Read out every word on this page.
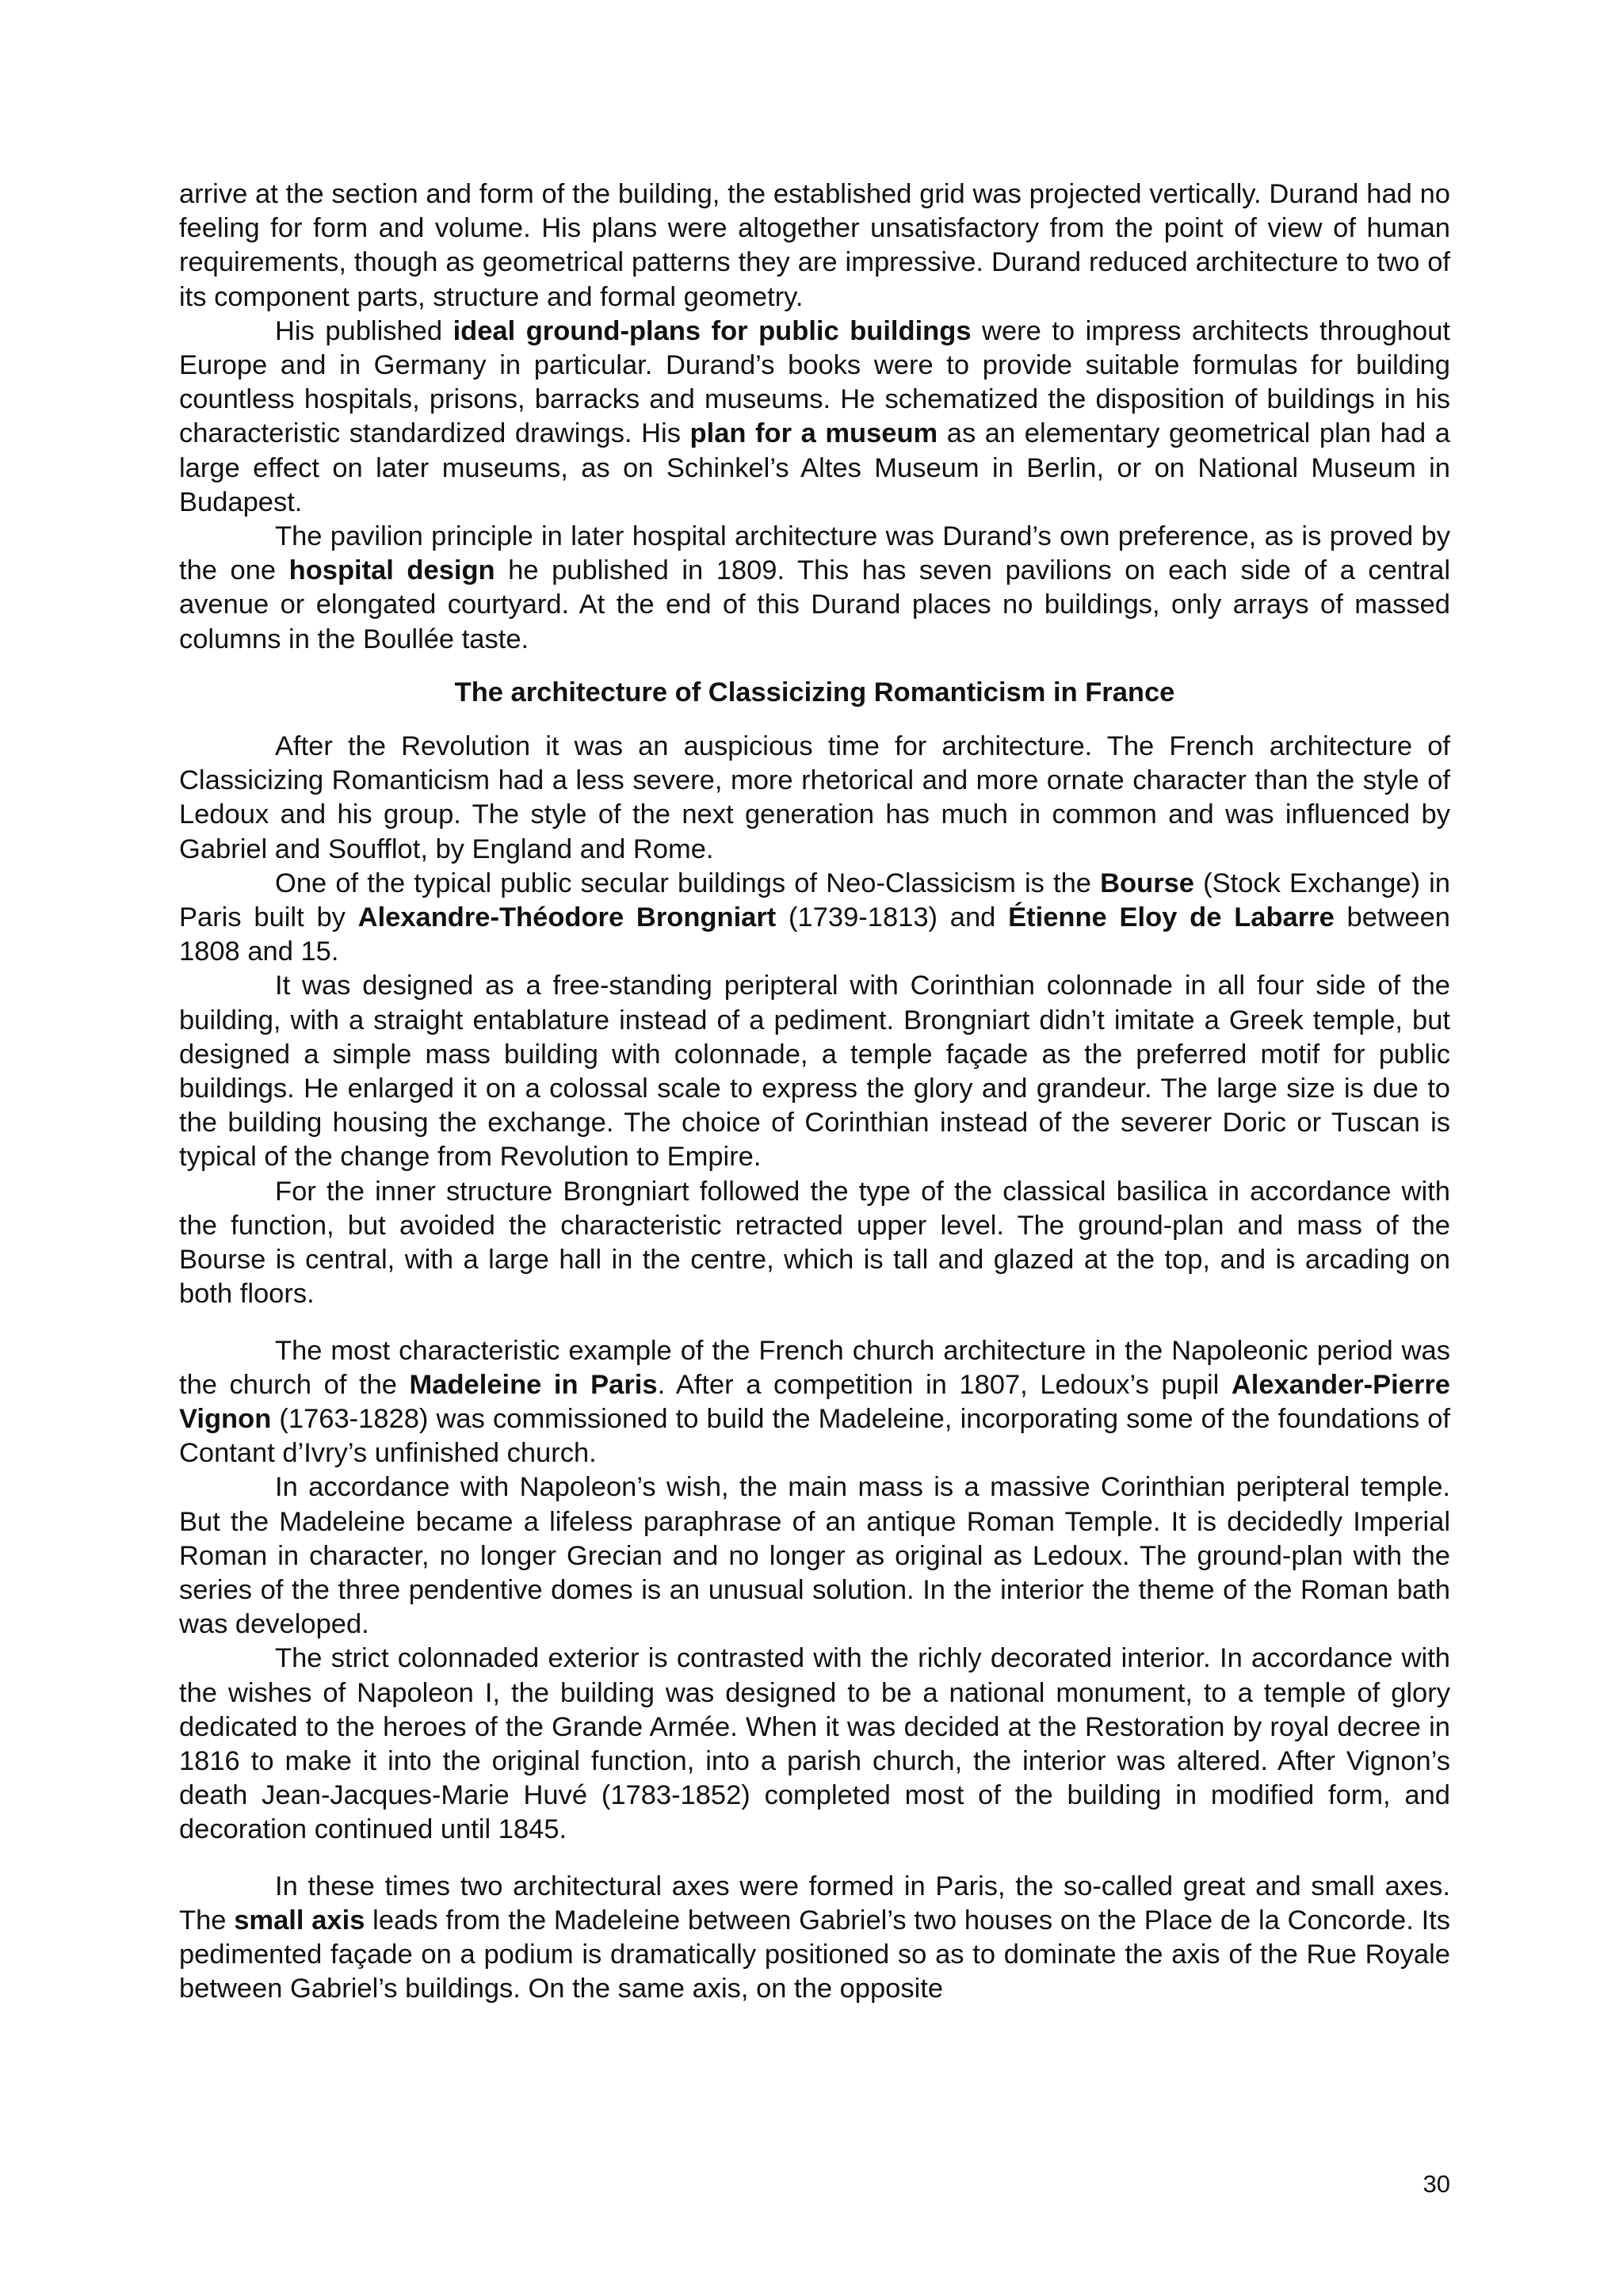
arrive at the section and form of the building, the established grid was projected vertically. Durand had no feeling for form and volume. His plans were altogether unsatisfactory from the point of view of human requirements, though as geometrical patterns they are impressive. Durand reduced architecture to two of its component parts, structure and formal geometry.

His published ideal ground-plans for public buildings were to impress architects throughout Europe and in Germany in particular. Durand’s books were to provide suitable formulas for building countless hospitals, prisons, barracks and museums. He schematized the disposition of buildings in his characteristic standardized drawings. His plan for a museum as an elementary geometrical plan had a large effect on later museums, as on Schinkel’s Altes Museum in Berlin, or on National Museum in Budapest.

The pavilion principle in later hospital architecture was Durand’s own preference, as is proved by the one hospital design he published in 1809. This has seven pavilions on each side of a central avenue or elongated courtyard. At the end of this Durand places no buildings, only arrays of massed columns in the Boullée taste.

The architecture of Classicizing Romanticism in France

After the Revolution it was an auspicious time for architecture. The French architecture of Classicizing Romanticism had a less severe, more rhetorical and more ornate character than the style of Ledoux and his group. The style of the next generation has much in common and was influenced by Gabriel and Soufflot, by England and Rome.

One of the typical public secular buildings of Neo-Classicism is the Bourse (Stock Exchange) in Paris built by Alexandre-Théodore Brongniart (1739-1813) and Étienne Eloy de Labarre between 1808 and 15.

It was designed as a free-standing peripteral with Corinthian colonnade in all four side of the building, with a straight entablature instead of a pediment. Brongniart didn’t imitate a Greek temple, but designed a simple mass building with colonnade, a temple façade as the preferred motif for public buildings. He enlarged it on a colossal scale to express the glory and grandeur. The large size is due to the building housing the exchange. The choice of Corinthian instead of the severer Doric or Tuscan is typical of the change from Revolution to Empire.

For the inner structure Brongniart followed the type of the classical basilica in accordance with the function, but avoided the characteristic retracted upper level. The ground-plan and mass of the Bourse is central, with a large hall in the centre, which is tall and glazed at the top, and is arcading on both floors.

The most characteristic example of the French church architecture in the Napoleonic period was the church of the Madeleine in Paris. After a competition in 1807, Ledoux’s pupil Alexander-Pierre Vignon (1763-1828) was commissioned to build the Madeleine, incorporating some of the foundations of Contant d’Ivry’s unfinished church.

In accordance with Napoleon’s wish, the main mass is a massive Corinthian peripteral temple. But the Madeleine became a lifeless paraphrase of an antique Roman Temple. It is decidedly Imperial Roman in character, no longer Grecian and no longer as original as Ledoux. The ground-plan with the series of the three pendentive domes is an unusual solution. In the interior the theme of the Roman bath was developed.

The strict colonnaded exterior is contrasted with the richly decorated interior. In accordance with the wishes of Napoleon I, the building was designed to be a national monument, to a temple of glory dedicated to the heroes of the Grande Armée. When it was decided at the Restoration by royal decree in 1816 to make it into the original function, into a parish church, the interior was altered. After Vignon’s death Jean-Jacques-Marie Huvé (1783-1852) completed most of the building in modified form, and decoration continued until 1845.

In these times two architectural axes were formed in Paris, the so-called great and small axes. The small axis leads from the Madeleine between Gabriel’s two houses on the Place de la Concorde. Its pedimented façade on a podium is dramatically positioned so as to dominate the axis of the Rue Royale between Gabriel’s buildings. On the same axis, on the opposite

30
